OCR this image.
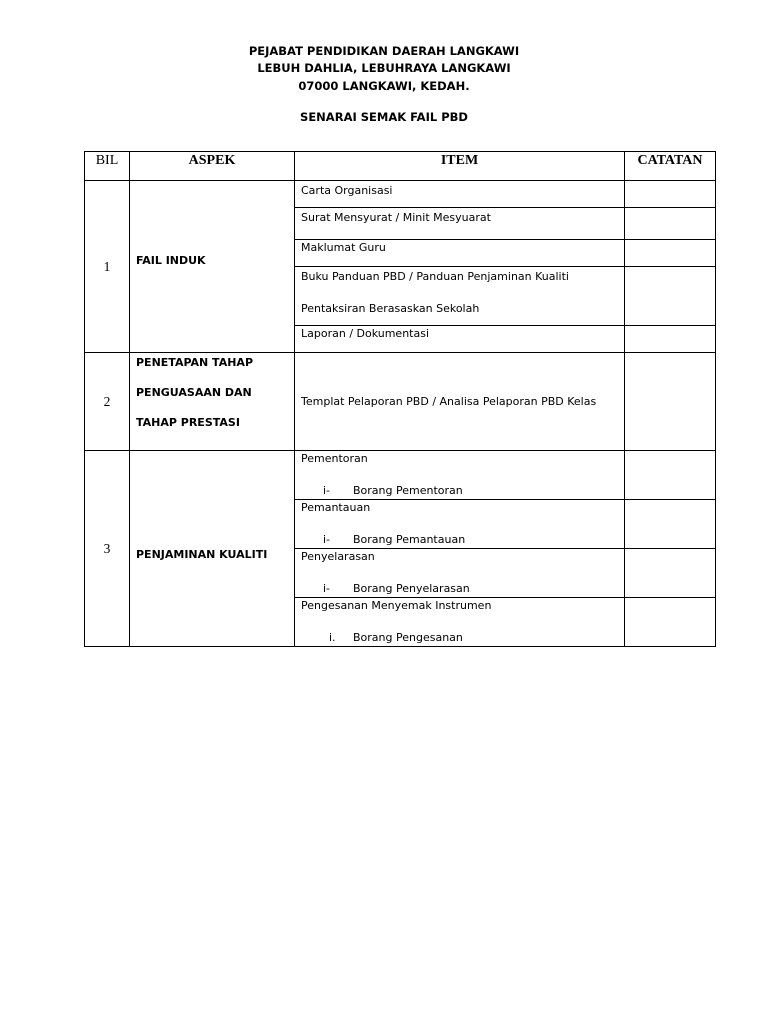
PEJABAT PENDIDIKAN DAERAH LANGKAWI
LEBUH DAHLIA, LEBUHRAYA LANGKAWI
07000 LANGKAWI, KEDAH.
SENARAI SEMAK FAIL PBD
BIL	ASPEK	ITEM	CATATAN
1	FAIL INDUK	Carta Organisasi	
		Surat Mensyurat / Minit Mesyuarat	
		Maklumat Guru	
		Buku Panduan PBD / Panduan Penjaminan Kualiti
Pentaksiran Berasaskan Sekolah	

		Laporan / Dokumentasi	
2	PENETAPAN TAHAP
PENGUASAAN DAN
TAHAP PRESTASI	Templat Pelaporan PBD / Analisa Pelaporan PBD Kelas	
3	PENJAMINAN KUALITI	Pementoran
i- Borang Pementoran	

		Pemantauan
i- Borang Pemantauan	

		Penyelarasan
i- Borang Penyelarasan	

		Pengesanan Menyemak Instrumen
i. Borang Pengesanan	
